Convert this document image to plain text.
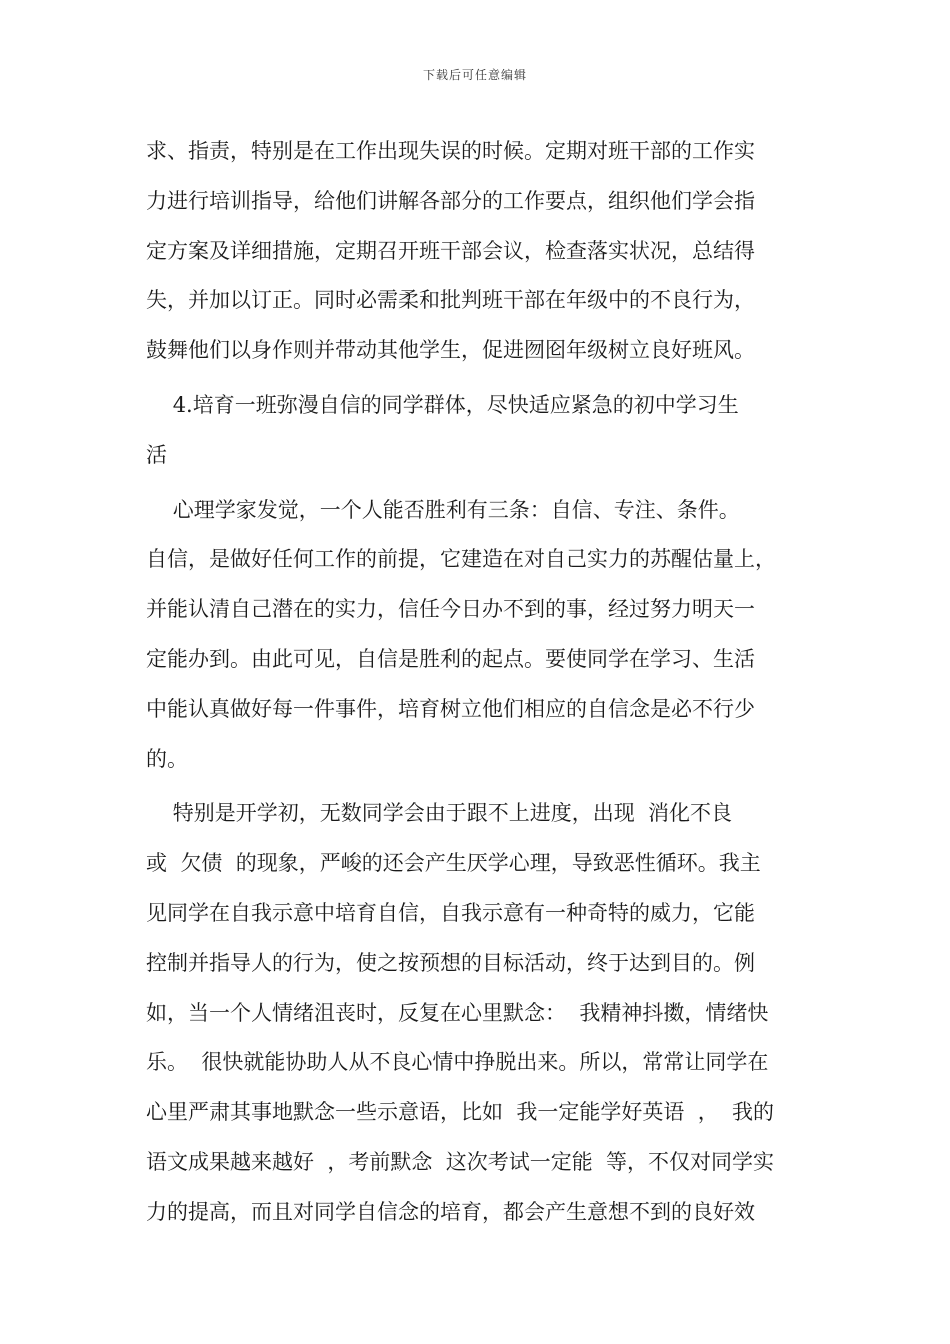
下载后可任意编辑
求、指责，特别是在工作出现失误的时候。定期对班干部的工作实
力进行培训指导，给他们讲解各部分的工作要点，组织他们学会指
定方案及详细措施，定期召开班干部会议，检查落实状况，总结得
失，并加以订正。同时必需柔和批判班干部在年级中的不良行为，
鼓舞他们以身作则并带动其他学生，促进囫囵年级树立良好班风。
4.培育一班弥漫自信的同学群体，尽快适应紧急的初中学习生
活
心理学家发觉，一个人能否胜利有三条：自信、专注、条件。
自信，是做好任何工作的前提，它建造在对自己实力的苏醒估量上，
并能认清自己潜在的实力，信任今日办不到的事，经过努力明天一
定能办到。由此可见，自信是胜利的起点。要使同学在学习、生活
中能认真做好每一件事件，培育树立他们相应的自信念是必不行少
的。
特别是开学初，无数同学会由于跟不上进度，出现  消化不良
或  欠债  的现象，严峻的还会产生厌学心理，导致恶性循环。我主
见同学在自我示意中培育自信，自我示意有一种奇特的威力，它能
控制并指导人的行为，使之按预想的目标活动，终于达到目的。例
如，当一个人情绪沮丧时，反复在心里默念：  我精神抖擞，情绪快
乐。  很快就能协助人从不良心情中挣脱出来。所以，常常让同学在
心里严肃其事地默念一些示意语，比如  我一定能学好英语  ，  我的
语文成果越来越好  ，考前默念  这次考试一定能  等，不仅对同学实
力的提高，而且对同学自信念的培育，都会产生意想不到的良好效
